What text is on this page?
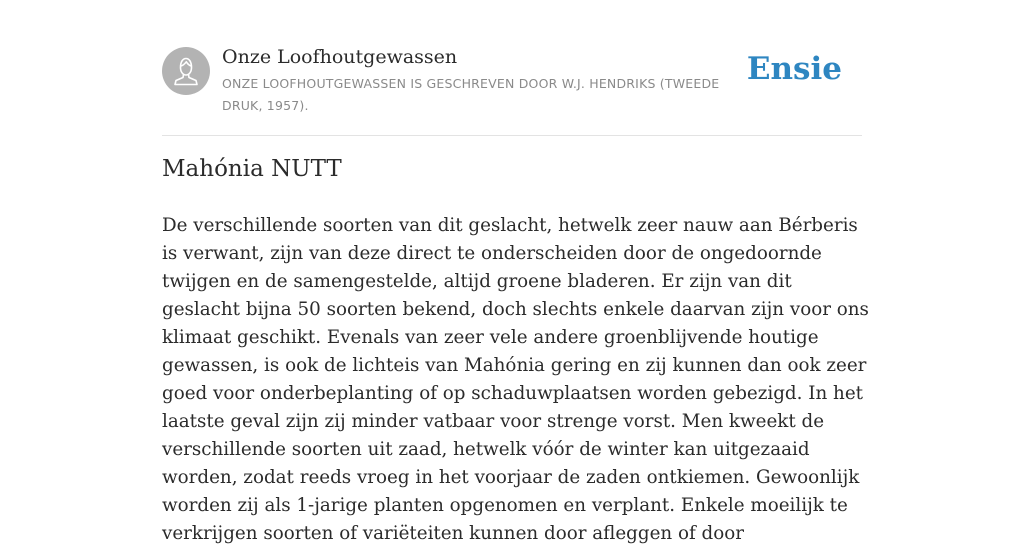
Onze Loofhoutgewassen

ONZE LOOFHOUTGEWASSEN IS GESCHREVEN DOOR W.J. HENDRIKS (TWEEDE DRUK, 1957).

Ensie
Mahónia NUTT

De verschillende soorten van dit geslacht, hetwelk zeer nauw aan Bérberis is verwant, zijn van deze direct te onderscheiden door de ongedoornde twijgen en de samengestelde, altijd groene bladeren. Er zijn van dit geslacht bijna 50 soorten bekend, doch slechts enkele daarvan zijn voor ons klimaat geschikt. Evenals van zeer vele andere groenblijvende houtige gewassen, is ook de lichteis van Mahónia gering en zij kunnen dan ook zeer goed voor onderbeplanting of op schaduwplaatsen worden gebezigd. In het laatste geval zijn zij minder vatbaar voor strenge vorst. Men kweekt de verschillende soorten uit zaad, hetwelk vóór de winter kan uitgezaaid worden, zodat reeds vroeg in het voorjaar de zaden ontkiemen. Gewoonlijk worden zij als 1-jarige planten opgenomen en verplant. Enkele moeilijk te verkrijgen soorten of variëteiten kunnen door afleggen of door
